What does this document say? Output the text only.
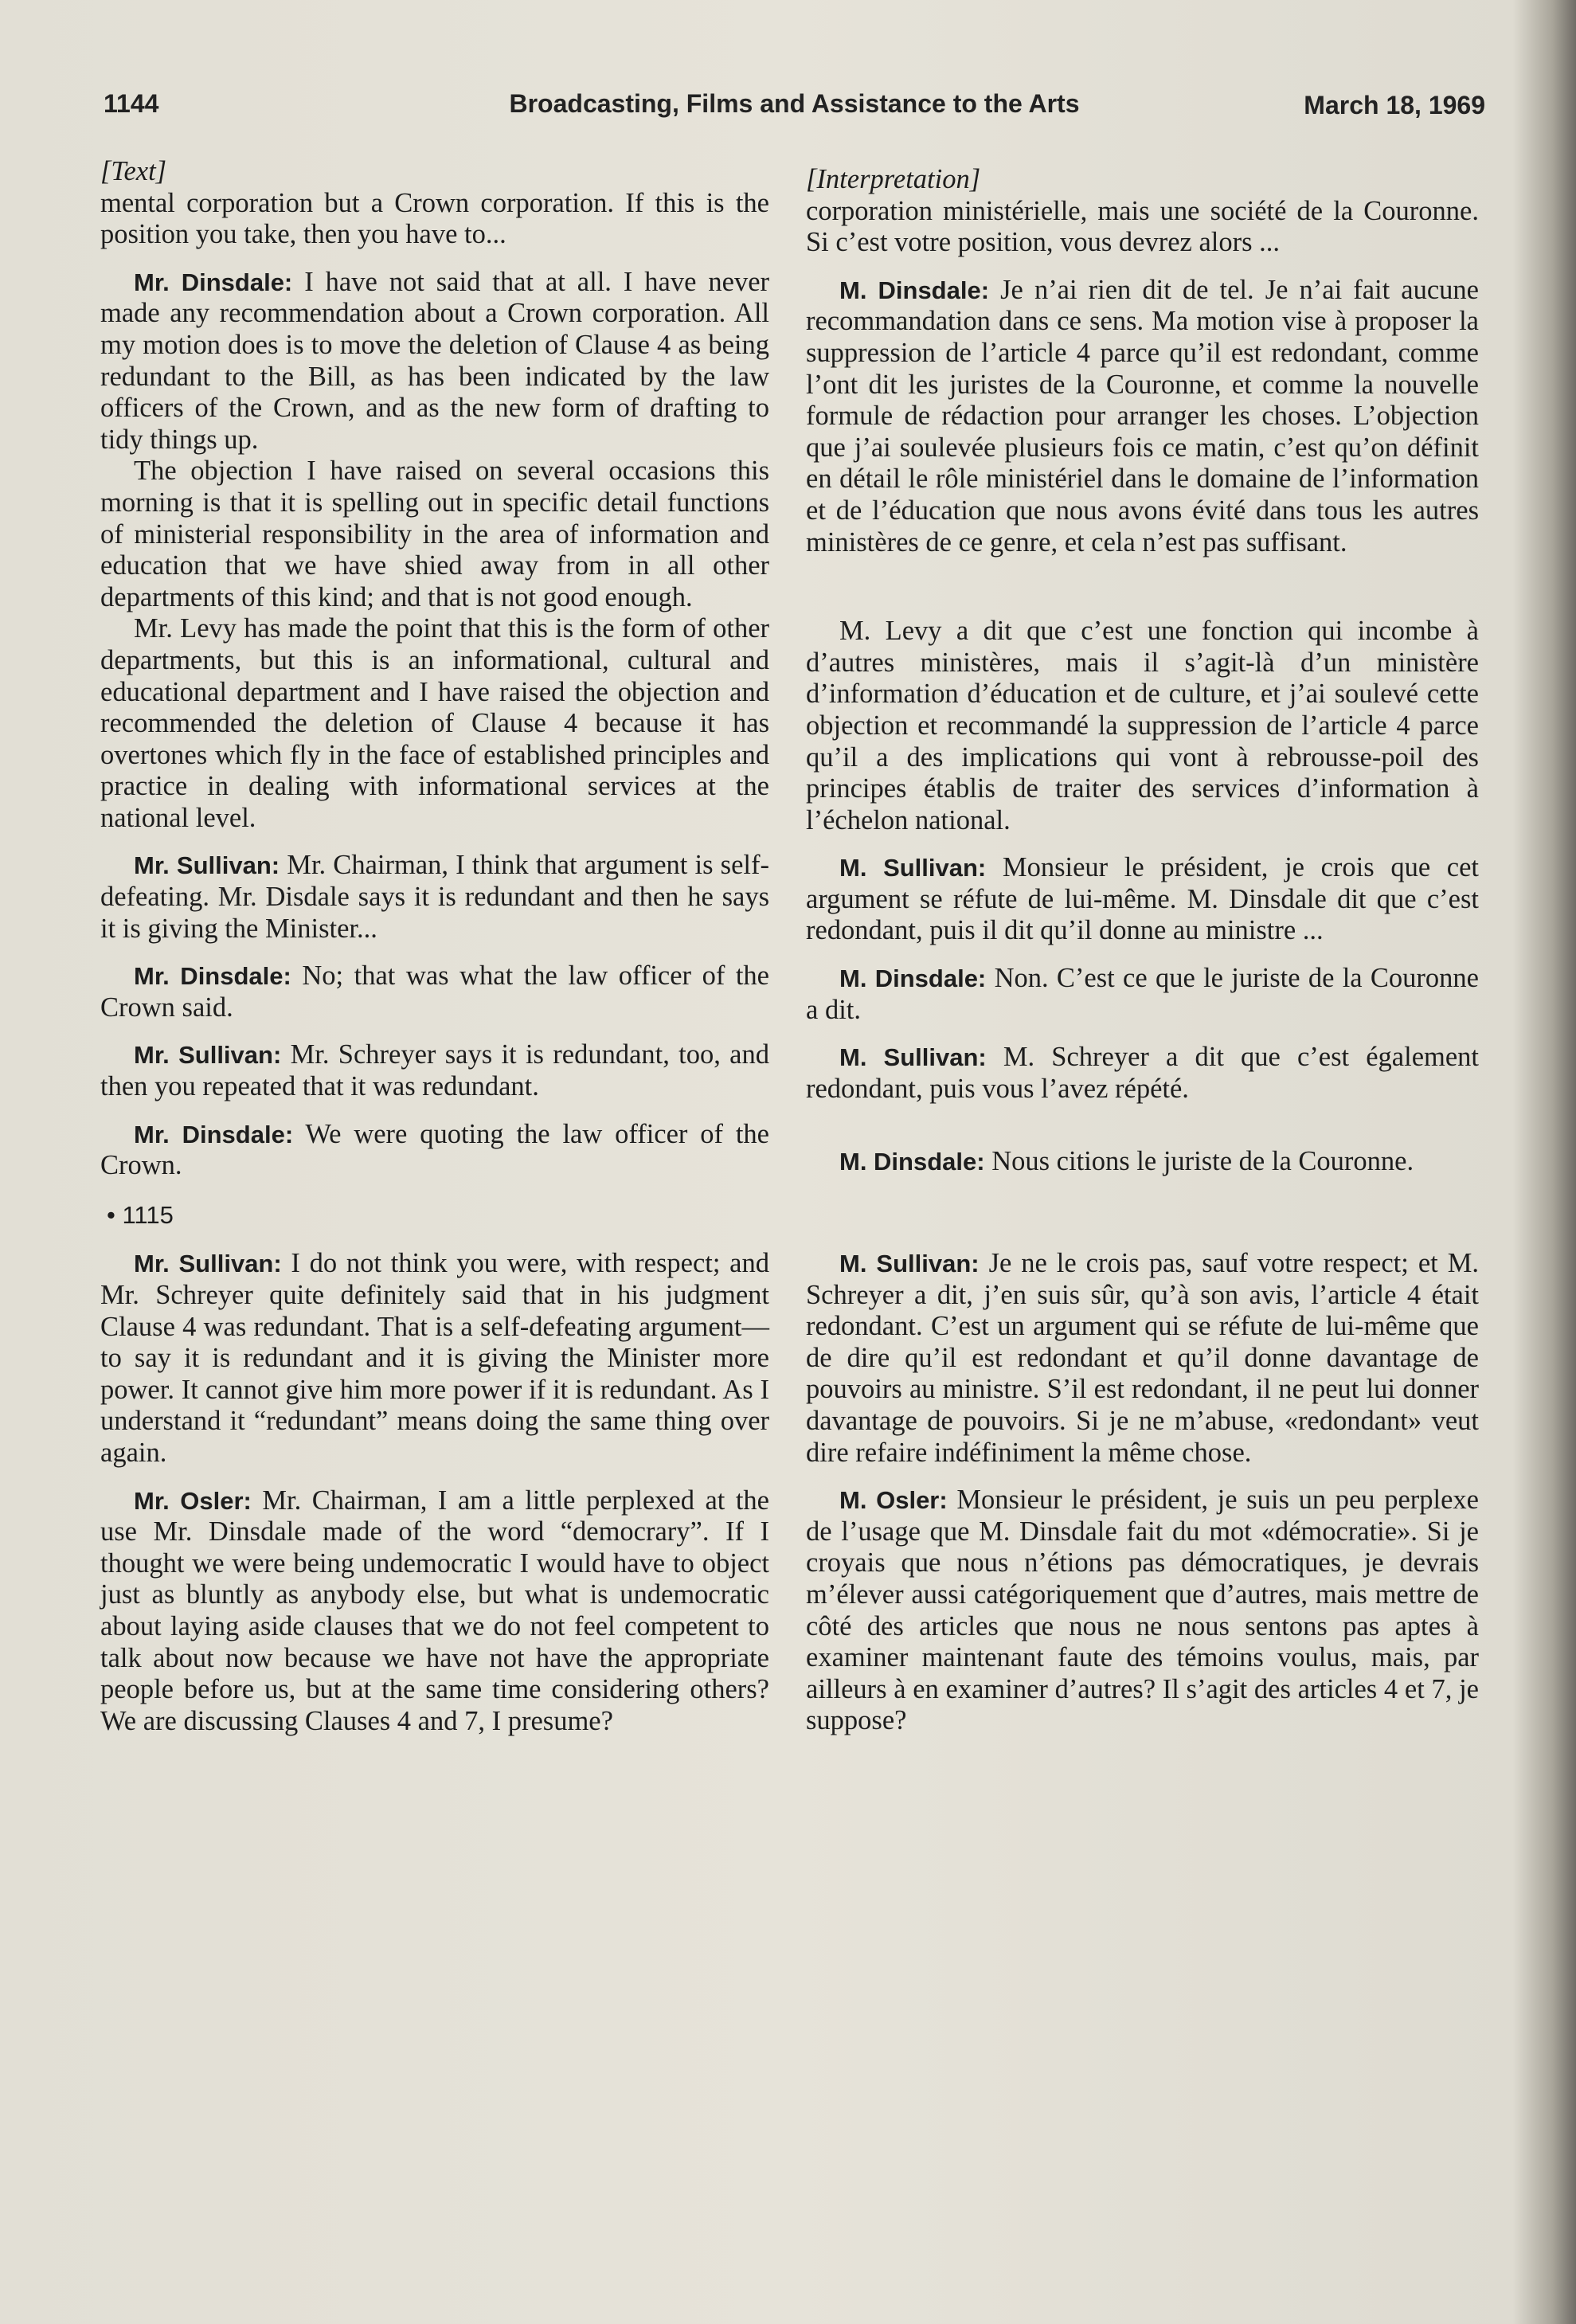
1144	Broadcasting, Films and Assistance to the Arts	March 18, 1969

[Text]

mental corporation but a Crown corporation. If this is the position you take, then you have to...

Mr. Dinsdale: I have not said that at all. I have never made any recommendation about a Crown corporation. All my motion does is to move the deletion of Clause 4 as being redundant to the Bill, as has been indicated by the law officers of the Crown, and as the new form of drafting to tidy things up.

The objection I have raised on several occasions this morning is that it is spelling out in specific detail functions of ministerial responsibility in the area of information and education that we have shied away from in all other departments of this kind; and that is not good enough.

Mr. Levy has made the point that this is the form of other departments, but this is an informational, cultural and educational department and I have raised the objection and recommended the deletion of Clause 4 because it has overtones which fly in the face of established principles and practice in dealing with informational services at the national level.

Mr. Sullivan: Mr. Chairman, I think that argument is self-defeating. Mr. Disdale says it is redundant and then he says it is giving the Minister...

Mr. Dinsdale: No; that was what the law officer of the Crown said.

Mr. Sullivan: Mr. Schreyer says it is redundant, too, and then you repeated that it was redundant.

Mr. Dinsdale: We were quoting the law officer of the Crown.

• 1115

Mr. Sullivan: I do not think you were, with respect; and Mr. Schreyer quite definitely said that in his judgment Clause 4 was redundant. That is a self-defeating argument—to say it is redundant and it is giving the Minister more power. It cannot give him more power if it is redundant. As I understand it “redundant” means doing the same thing over again.

Mr. Osler: Mr. Chairman, I am a little perplexed at the use Mr. Dinsdale made of the word “democrary”. If I thought we were being undemocratic I would have to object just as bluntly as anybody else, but what is undemocratic about laying aside clauses that we do not feel competent to talk about now because we have not have the appropriate people before us, but at the same time considering others? We are discussing Clauses 4 and 7, I presume?

[Interpretation]

corporation ministérielle, mais une société de la Couronne. Si c’est votre position, vous devrez alors ...

M. Dinsdale: Je n’ai rien dit de tel. Je n’ai fait aucune recommandation dans ce sens. Ma motion vise à proposer la suppression de l’article 4 parce qu’il est redondant, comme l’ont dit les juristes de la Couronne, et comme la nouvelle formule de rédaction pour arranger les choses. L’objection que j’ai soulevée plusieurs fois ce matin, c’est qu’on définit en détail le rôle ministériel dans le domaine de l’information et de l’éducation que nous avons évité dans tous les autres ministères de ce genre, et cela n’est pas suffisant.

M. Levy a dit que c’est une fonction qui incombe à d’autres ministères, mais il s’agit-là d’un ministère d’information d’éducation et de culture, et j’ai soulevé cette objection et recommandé la suppression de l’article 4 parce qu’il a des implications qui vont à rebrousse-poil des principes établis de traiter des services d’information à l’échelon national.

M. Sullivan: Monsieur le président, je crois que cet argument se réfute de lui-même. M. Dinsdale dit que c’est redondant, puis il dit qu’il donne au ministre ...

M. Dinsdale: Non. C’est ce que le juriste de la Couronne a dit.

M. Sullivan: M. Schreyer a dit que c’est également redondant, puis vous l’avez répété.

M. Dinsdale: Nous citions le juriste de la Couronne.

M. Sullivan: Je ne le crois pas, sauf votre respect; et M. Schreyer a dit, j’en suis sûr, qu’à son avis, l’article 4 était redondant. C’est un argument qui se réfute de lui-même que de dire qu’il est redondant et qu’il donne davantage de pouvoirs au ministre. S’il est redondant, il ne peut lui donner davantage de pouvoirs. Si je ne m’abuse, «redondant» veut dire refaire indéfiniment la même chose.

M. Osler: Monsieur le président, je suis un peu perplexe de l’usage que M. Dinsdale fait du mot «démocratie». Si je croyais que nous n’étions pas démocratiques, je devrais m’élever aussi catégoriquement que d’autres, mais mettre de côté des articles que nous ne nous sentons pas aptes à examiner maintenant faute des témoins voulus, mais, par ailleurs à en examiner d’autres? Il s’agit des articles 4 et 7, je suppose?
